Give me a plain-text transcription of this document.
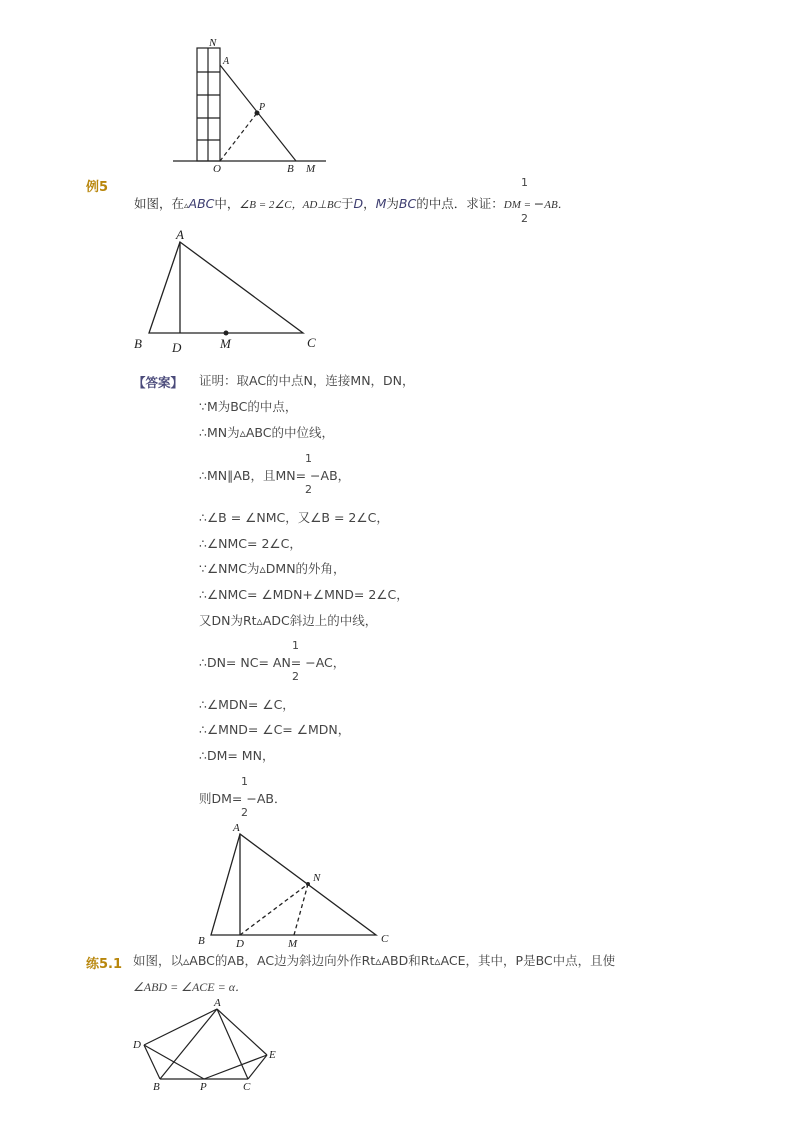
N
A
P
O	B M
例5
如图，在▵ABC中，∠B = 2∠C，AD⊥BC于D，M为BC的中点．求证：DM = −AB．
1
2
A
B D	M	C
【答案】 证明：取AC的中点N，连接MN，DN，
∵M为BC的中点，
∴MN为▵ABC的中位线，
1
∴MN∥AB，且MN= −AB，
2
∴∠B = ∠NMC，又∠B = 2∠C，
∴∠NMC= 2∠C，
∵∠NMC为▵DMN的外角，
∴∠NMC= ∠MDN+∠MND= 2∠C，
又DN为Rt▵ADC斜边上的中线，
1
∴DN= NC= AN= −AC，
2
∴∠MDN= ∠C，
∴∠MND= ∠C= ∠MDN，
∴DM= MN，
1
则DM= −AB．
2
A
N
B	D	M	C
练5.1 如图，以▵ABC的AB，AC边为斜边向外作Rt▵ABD和Rt▵ACE，其中，P是BC中点，且使
∠ABD = ∠ACE = α．
A
D
E
B	P	C
